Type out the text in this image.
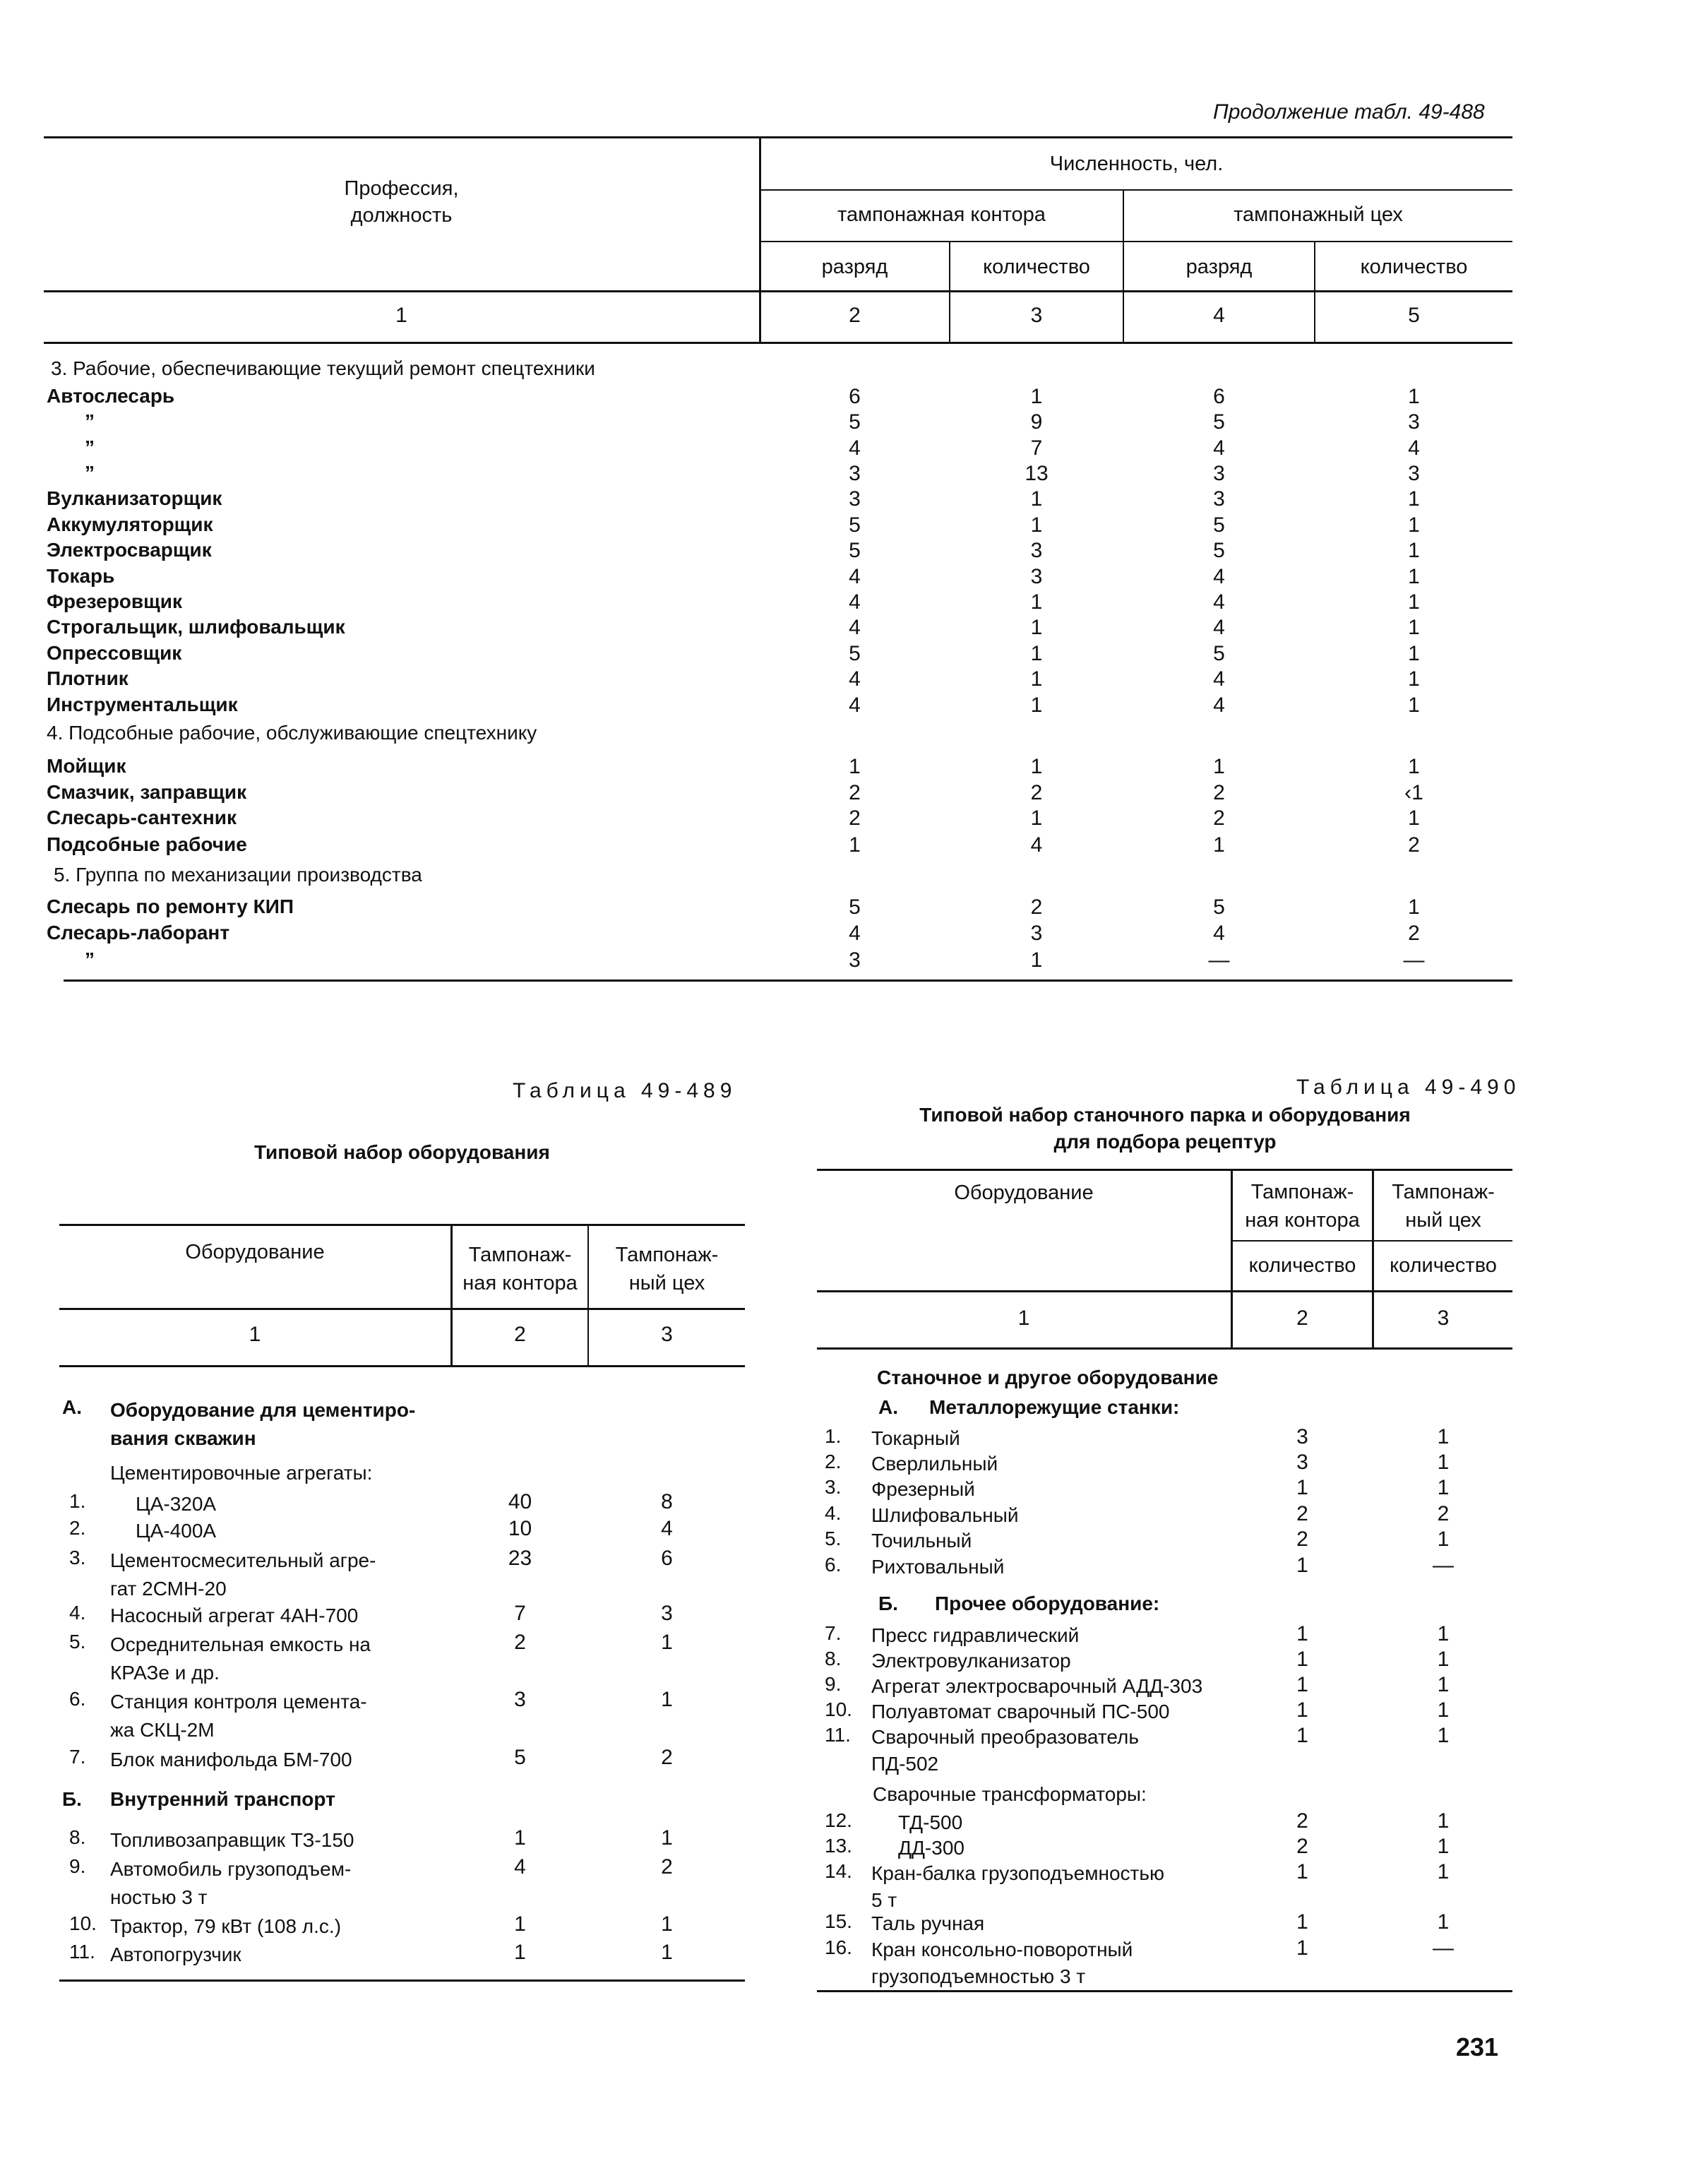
Продолжение табл. 49-488
Профессия,
должность
Численность, чел.
тампонажная контора	тампонажный цех
разряд	количество	разряд	количество
1	2	3	4	5
3. Рабочие, обеспечивающие текущий ремонт спецтехники
4. Подсобные рабочие, обслуживающие спецтехнику
5. Группа по механизации производства
Автослесарь	6	1	6	1
”	5	9	5	3
”	4	7	4	4
”	3	13	3	3
Вулканизаторщик	3	1	3	1
Аккумуляторщик	5	1	5	1
Электросварщик	5	3	5	1
Токарь	4	3	4	1
Фрезеровщик	4	1	4	1
Строгальщик, шлифовальщик	4	1	4	1
Опрессовщик	5	1	5	1
Плотник	4	1	4	1
Инструментальщик	4	1	4	1
Мойщик	1	1	1	1
Смазчик, заправщик	2	2	2	‹1
Слесарь-сантехник	2	1	2	1
Подсобные рабочие	1	4	1	2
Слесарь по ремонту КИП	5	2	5	1
Слесарь-лаборант	4	3	4	2
”	3	1	—	—
Таблица 49-489
Типовой набор оборудования
Оборудование	Тампонаж-
ная контора
Тампонаж-
ный цех
1	2	3
А. Оборудование для цементиро-
вания скважин
Цементировочные агрегаты:
Б. Внутренний транспорт
1.	ЦА-320А	40	8
2.	ЦА-400А	10	4
3. Цементосмесительный агре-
гат 2СМН-20
23	6
4. Насосный агрегат 4АН-700	7	3
5. Осреднительная емкость на
КРАЗе и др.
2	1
6. Станция контроля цемента-
жа СКЦ-2М
3	1
7. Блок манифольда БМ-700	5	2
8. Топливозаправщик ТЗ-150	1	1
9. Автомобиль грузоподъем-
ностью 3 т
4	2
10. Трактор, 79 кВт (108 л.с.)	1	1
11. Автопогрузчик	1	1
Таблица 49-490
Типовой набор станочного парка и оборудования
для подбора рецептур
Оборудование	Тампонаж-
ная контора
Тампонаж-
ный цех
количество	количество
1	2	3
Станочное и другое оборудование
А. Металлорежущие станки:
Б. Прочее оборудование:
Сварочные трансформаторы:
1. Токарный	3	1
2. Сверлильный	3	1
3. Фрезерный	1	1
4. Шлифовальный	2	2
5. Точильный	2	1
6. Рихтовальный	1	—
7. Пресс гидравлический	1	1
8. Электровулканизатор	1	1
9. Агрегат электросварочный АДД-303	1	1
10. Полуавтомат сварочный ПС-500	1	1
11. Сварочный преобразователь
ПД-502
1	1
12. ТД-500	2	1
13. ДД-300	2	1
14. Кран-балка грузоподъемностью
5 т
1	1
15. Таль ручная	1	1
16. Кран консольно-поворотный
грузоподъемностью 3 т
1	—
231
